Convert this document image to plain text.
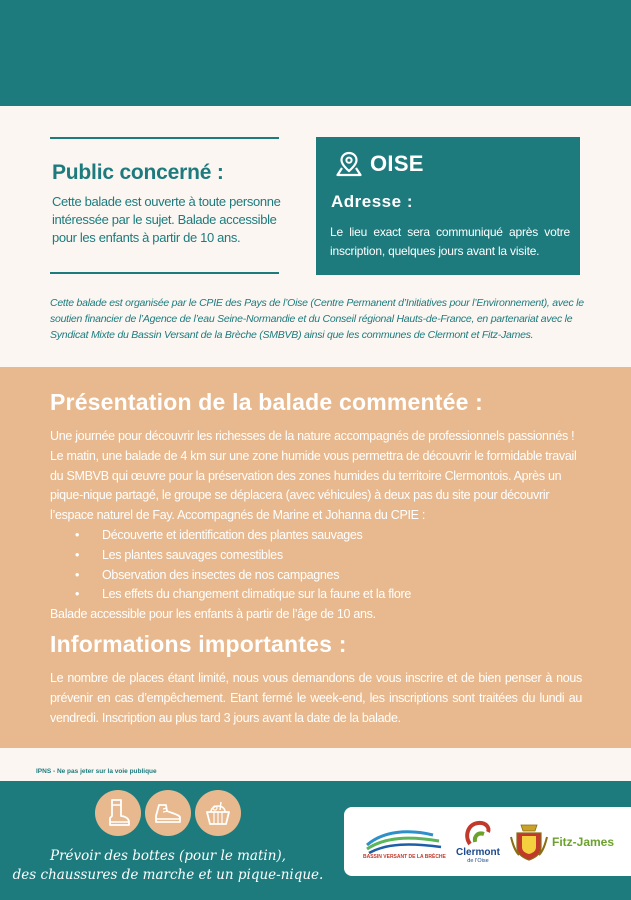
Public concerné :

Cette balade est ouverte à toute personne intéressée par le sujet. Balade accessible pour les enfants à partir de 10 ans.

OISE
Adresse :

Le lieu exact sera communiqué après votre inscription, quelques jours avant la visite.

Cette balade est organisée par le CPIE des Pays de l’Oise (Centre Permanent d’Initiatives pour l’Environnement), avec le soutien financier de l’Agence de l’eau Seine-Normandie et du Conseil régional Hauts-de-France, en partenariat avec le Syndicat Mixte du Bassin Versant de la Brèche (SMBVB) ainsi que les communes de Clermont et Fitz-James.

Présentation de la balade commentée :
Une journée pour découvrir les richesses de la nature accompagnés de professionnels passionnés !
Le matin, une balade de 4 km sur une zone humide vous permettra de découvrir le formidable travail du SMBVB qui œuvre pour la préservation des zones humides du territoire Clermontois. Après un pique-nique partagé, le groupe se déplacera (avec véhicules) à deux pas du site pour découvrir l’espace naturel de Fay. Accompagnés de Marine et Johanna du CPIE :
• Découverte et identification des plantes sauvages
• Les plantes sauvages comestibles
• Observation des insectes de nos campagnes
• Les effets du changement climatique sur la faune et la flore
Balade accessible pour les enfants à partir de l’âge de 10 ans.
Informations importantes :

Le nombre de places étant limité, nous vous demandons de vous inscrire et de bien penser à nous prévenir en cas d’empêchement. Etant fermé le week-end, les inscriptions sont traitées du lundi au vendredi. Inscription au plus tard 3 jours avant la date de la balade.

IPNS - Ne pas jeter sur la voie publique
Prévoir des bottes (pour le matin),
des chaussures de marche et un pique-nique.
BASSIN VERSANT DE LA BRÈCHE	Clermont
de l’Oise
Fitz-James
